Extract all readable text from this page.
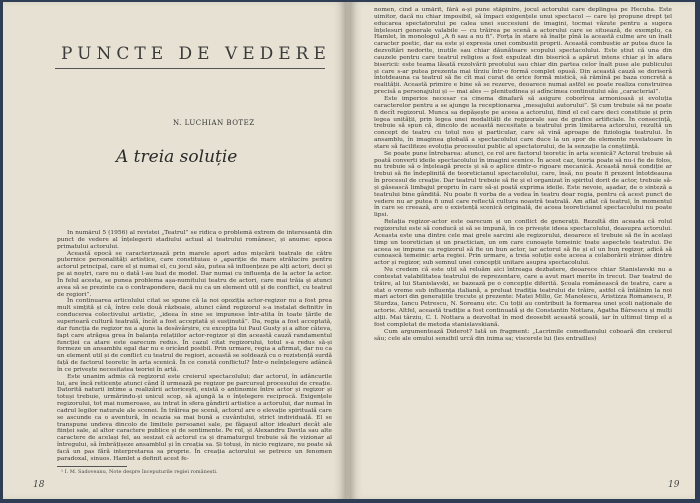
PUNCTE DE VEDERE
N. LUCHIAN BOTEZ
A treia soluție

În numărul 5 (1956) al revistei „Teatrul” se ridica o problemă extrem de interesantă din punct de vedere al înțelegerii stadiului actual al teatrului românesc, și anume: epoca primatului actorului.

Această epocă se caracterizează prin marele aport adus mișcării teatrale de către puternice personalități artistice, care constituiau o „apariție de mare strălucire pentru actorul principal, care el și numai el, cu jocul său, putea să influențeze pe alți actori, deci și pe ai noștri, care nu o dată l-au luat de model. Dar numai cu influența de la actor la actor. În felul acesta, se punea problema așa-numitului teatru de actori, care mai trăia și atunci avea să se prezinte ca o contrapondere, dacă nu ca un element util și de conflict, cu teatrul de regiori”.

În continuarea articolului citat se spune că la noi opoziția actor-regizor nu a fost prea mult simțită și că, între cele două războaie, atunci când regizorul s-a instalat definitiv în conducerea colectivului artistic, „ideea în sine se impunese într-atita în toate țările de superioară cultură teatrală, încât a fost acceptată și susținută”. Da, regia a fost acceptată, dar funcția de regizor nu a ajuns la desăvârșire, cu excepția lui Paul Gusty și a altor câteva, fapt care atrăgea grea în balanța relațiilor actor-regizor și din această cauză randamentul funcției ca atare este oarecum redus. În cazul citat regizorului, totul s-a redus să-și formeze un ansamblu egal dar nu e oricând posibil. Prin urmare, regia a afirmat, dar nu ca un element util și de conflict cu teatrul de regiori, această se soldează cu o rezistență surdă față de factorul teoretic în arta scenică. În ce constă conflictul? Într-o neînțelegere adâncă în ce privește necesitatea teoriei în artă.

Este unanim admis că regizorul este creierul spectacolului; dar actorul, în adâncurile lui, are încă reticențe atunci când îl urmează pe regizor pe parcursul procesului de creație. Datorită naturii intime a realizării actoricești, există o antinomie între actor și regizor și totuși trebuie, urmărindu-și unicul scop, să ajungă la o înțelegere reciprocă. Exigențele regizorului, tot mai numeroase, au intrat în sfera gândirii artistice a actorului, dar numai în cadrul legilor naturale ale scenei. În trăirea pe scenă, actorul are o elevație spirituală care se ascunde ca o aventură, în ocazia sa mai bună a cuvântului, strict individuală. El se transpune undeva dincolo de limitele persoanei sale, pe făgașul altor idealuri decât ale ființei sale, al altor caractere publice și de sentimente. Pe rol, și Alexandru Davila sau alte caractere de același fel, au sesizat că actorul ca și dramaturgul trebuie să fie vizionar al întregului, să îmbrățișeze ansamblul și în creația sa. Și totuși, în nicio regizare, nu poate să facă un pas fără interpretarea sa proprie. În creația actorului se petrece un fenomen paradoxal, sinuos. Hamlet a definit acest fe-

¹ I. M. Sadoveanu, Note despre începuturile regiei românești.
18

nomen, cînd a umărit, fără a-și pune stăpînire, jocul actorului care deplîngea pe Hecuba. Este uimitor, dacă nu chiar imposibil, să împaci exigențele unui spectacol — care își propune drept țel educarea spectatorului pe calea unei succesiuni de imagini, tocmai văzute pentru a sugera înțelesuri generale valabile — cu trăirea pe scenă a actorului care se situează, de exemplu, ca Hamlet, în monologul „A fi sau a nu fi”. Forța în stare să înalțe pînă la această culme are un înalt caracter poetic, dar ea este și expresia unei combustii proprii. Această combustie ar putea duce la dezvoltări nedorite, inutile sau chiar dăunătoare scopului spectacolului. Este știut că una din cauzele pentru care teatrul religios a fost expulzat din biserică a apărut intens chiar și în afara bisericii: este teama lăsată rezolvării preotului sau chiar din partea celor înalt puse ale publicului și care s-ar putea prezenta mai tîrziu într-o formă complet opusă. Din această cauză se doriseră întotdeauna ca teatrul să fie cît mai curat de orice formă mistică, să rămînă pe baza concretă a realității. Această primire e bine să se rezerve, deoarece numai astfel se poate realiza construirea precisă a personajului și — mai ales — plenitudinea și adîncimea continutului său „caracterial”.

Este imperios necesar ca cinema dinafară să asigure coborîrea armonioasă și evoluția caracterelor pentru a se ajunge la receptionarea „mesajului autorului”. Și cum trebuie să ne poate fi decît regizorul. Munca sa depășește pe aceea a actorului, fiind el cel care deci constituie și prin legea unității, prin legea unei modalități de regizorale sau de grafice artificiale. În consecință, trebuie să spun că, dincolo de această necesitate a teatrului prin limitarea actorului, rezultă un concept de teatru cu totul nou și particular, care să vină aproape de fiziologia teatrului. În ansamblu, în imaginea globală a spectacolului care duce la un spor de elemente revelatoare în stare să faciliteze evoluția procesului public al spectatorului, de la senzație la conștiință.

Se poate pune întrebarea: atunci, ce rol are factorul teoretic în arta scenică? Actorul trebuie să poată converti ideile spectacolului în imagini scenice. În acest caz, teoria poate să nu-i fie de folos, nu trebuie să o înțeleagă precis și să o aplice dintr-o rigoare mecanică. Această nouă condiție ar trebui să fie îndeplinită de teoreticianul spectacolului, care, însă, nu poate fi prezent întotdeauna în procesul de creație. Dar teatrul trebuie să fie și el organizat în spiritul dorit de actor, trebuie să-și găsească limbajul propriu în care să-și poată exprima ideile. Este nevoie, așadar, de o sinteză a teatrului bine gândită. Nu poate fi vorba de a vedea în teatru doar regia, pentru că acest punct de vedere nu ar putea fi unul care reflectă cultura noastră teatrală. Am aflat că teatrul, în momentul în care se creează, are o existență scenică originală, de aceea teoreticianul spectacolului nu poate lipsi.

Relația regizor-actor este oarecum și un conflict de generații. Rezultă din aceasta că rolul regizorului este să conducă și să se impună, în ce privește ideea spectacolului, deasupra actorului. Aceasta este una dintre cele mai grele sarcini ale regizorului, deoarece el trebuie să fie în același timp un teoretician și un practician, un om care cunoaște temeinic toate aspectele teatrului. De aceea se impune ca regizorul să fie un bun actor, iar actorul să fie și el un bun regizor, adică să cunoască temeinic arta regiei. Prin urmare, a treia soluție este aceea a colaborării strânse dintre actor și regizor, sub semnul unei concepții unitare asupra spectacolului.

Nu credem că este util să reluăm aici întreaga dezbatere, deoarece chiar Stanislavski nu a contestat valabilitatea teatrului de reprezentare, care a avut mari merite în trecut. Dar teatrul de trăire, al lui Stanislavski, se bazează pe o concepție diferită. Școala românească de teatru, care a stat o vreme sub influența italiană, a preluat tradiția teatrului de trăire, astfel că întâlnim la noi mari actori din generațiile trecute și prezente: Matei Millo, Gr. Manolescu, Aristizza Romanescu, P. Sturdza, Iancu Petrescu, N. Soreanu etc. Cu toții au contribuit la formarea unei școli naționale de actorie. Altfel, această tradiție a fost continuată și de Constantin Nottara, Agatha Bârsescu și mulți alții. Mai târziu, C. I. Nottara a dezvoltat în mod deosebit această școală, iar în ultimul timp el a fost completat de metoda stanislavskiană.

Cum argumentează Diderot? Iată un fragment: „Lacrimile comedianului coboară din creierul său; cele ale omului sensibil urcă din inima sa; viscerele lui (les entrailles)

19
